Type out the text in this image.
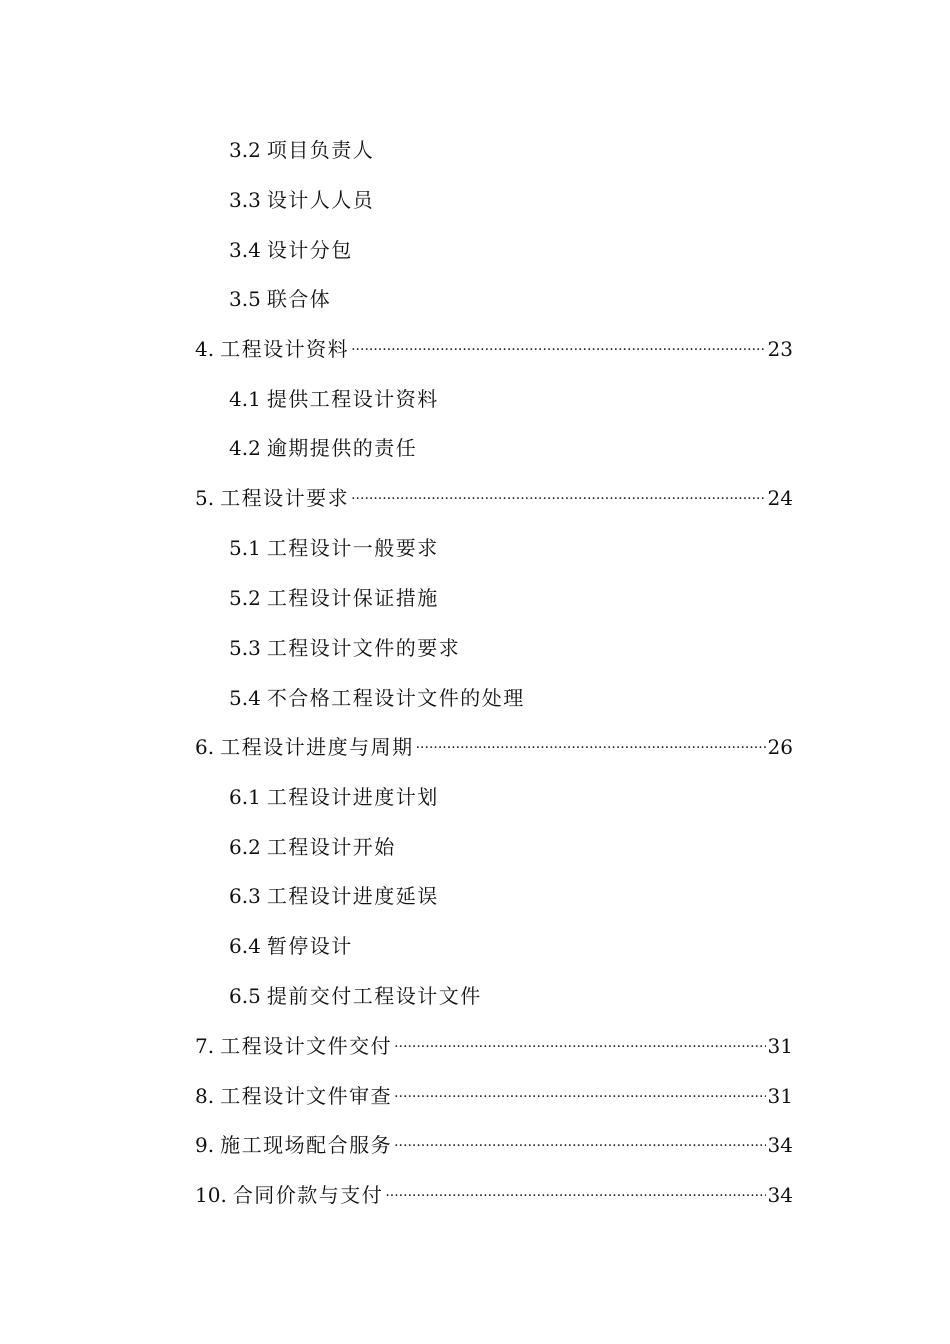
3.2 项目负责人
3.3 设计人人员
3.4 设计分包
3.5 联合体
4. 工程设计资料 ·····	23
4.1 提供工程设计资料
4.2 逾期提供的责任
5. 工程设计要求 ·····	24
5.1 工程设计一般要求
5.2 工程设计保证措施
5.3 工程设计文件的要求
5.4 不合格工程设计文件的处理
6. 工程设计进度与周期 ·····	26
6.1 工程设计进度计划
6.2 工程设计开始
6.3 工程设计进度延误
6.4 暂停设计
6.5 提前交付工程设计文件
7. 工程设计文件交付 ·····	31
8. 工程设计文件审查 ·····	31
9. 施工现场配合服务 ·····	34
10. 合同价款与支付 ·····	34
